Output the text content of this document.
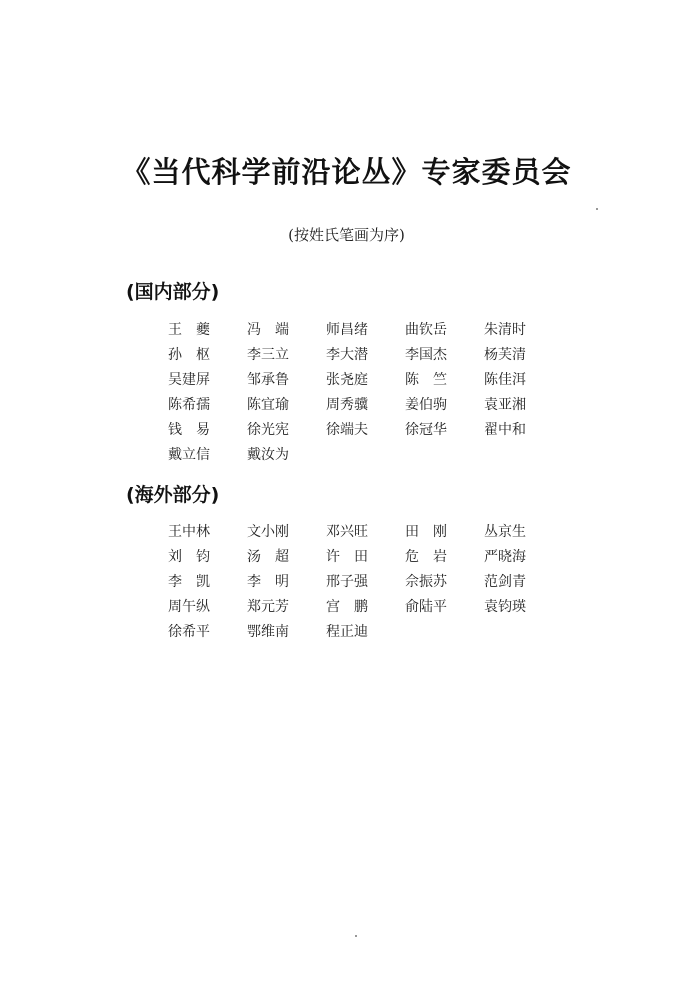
《当代科学前沿论丛》专家委员会
(按姓氏笔画为序)
(国内部分)
王　夔	冯　端	师昌绪	曲钦岳	朱清时
孙　枢	李三立	李大潜	李国杰	杨芙清
吴建屏	邹承鲁	张尧庭	陈　竺	陈佳洱
陈希孺	陈宜瑜	周秀骥	姜伯驹	袁亚湘
钱　易	徐光宪	徐端夫	徐冠华	翟中和
戴立信	戴汝为
(海外部分)
王中林	文小刚	邓兴旺	田　刚	丛京生
刘　钧	汤　超	许　田	危　岩	严晓海
李　凯	李　明	邢子强	佘振苏	范剑青
周午纵	郑元芳	宫　鹏	俞陆平	袁钧瑛
徐希平	鄂维南	程正迪
